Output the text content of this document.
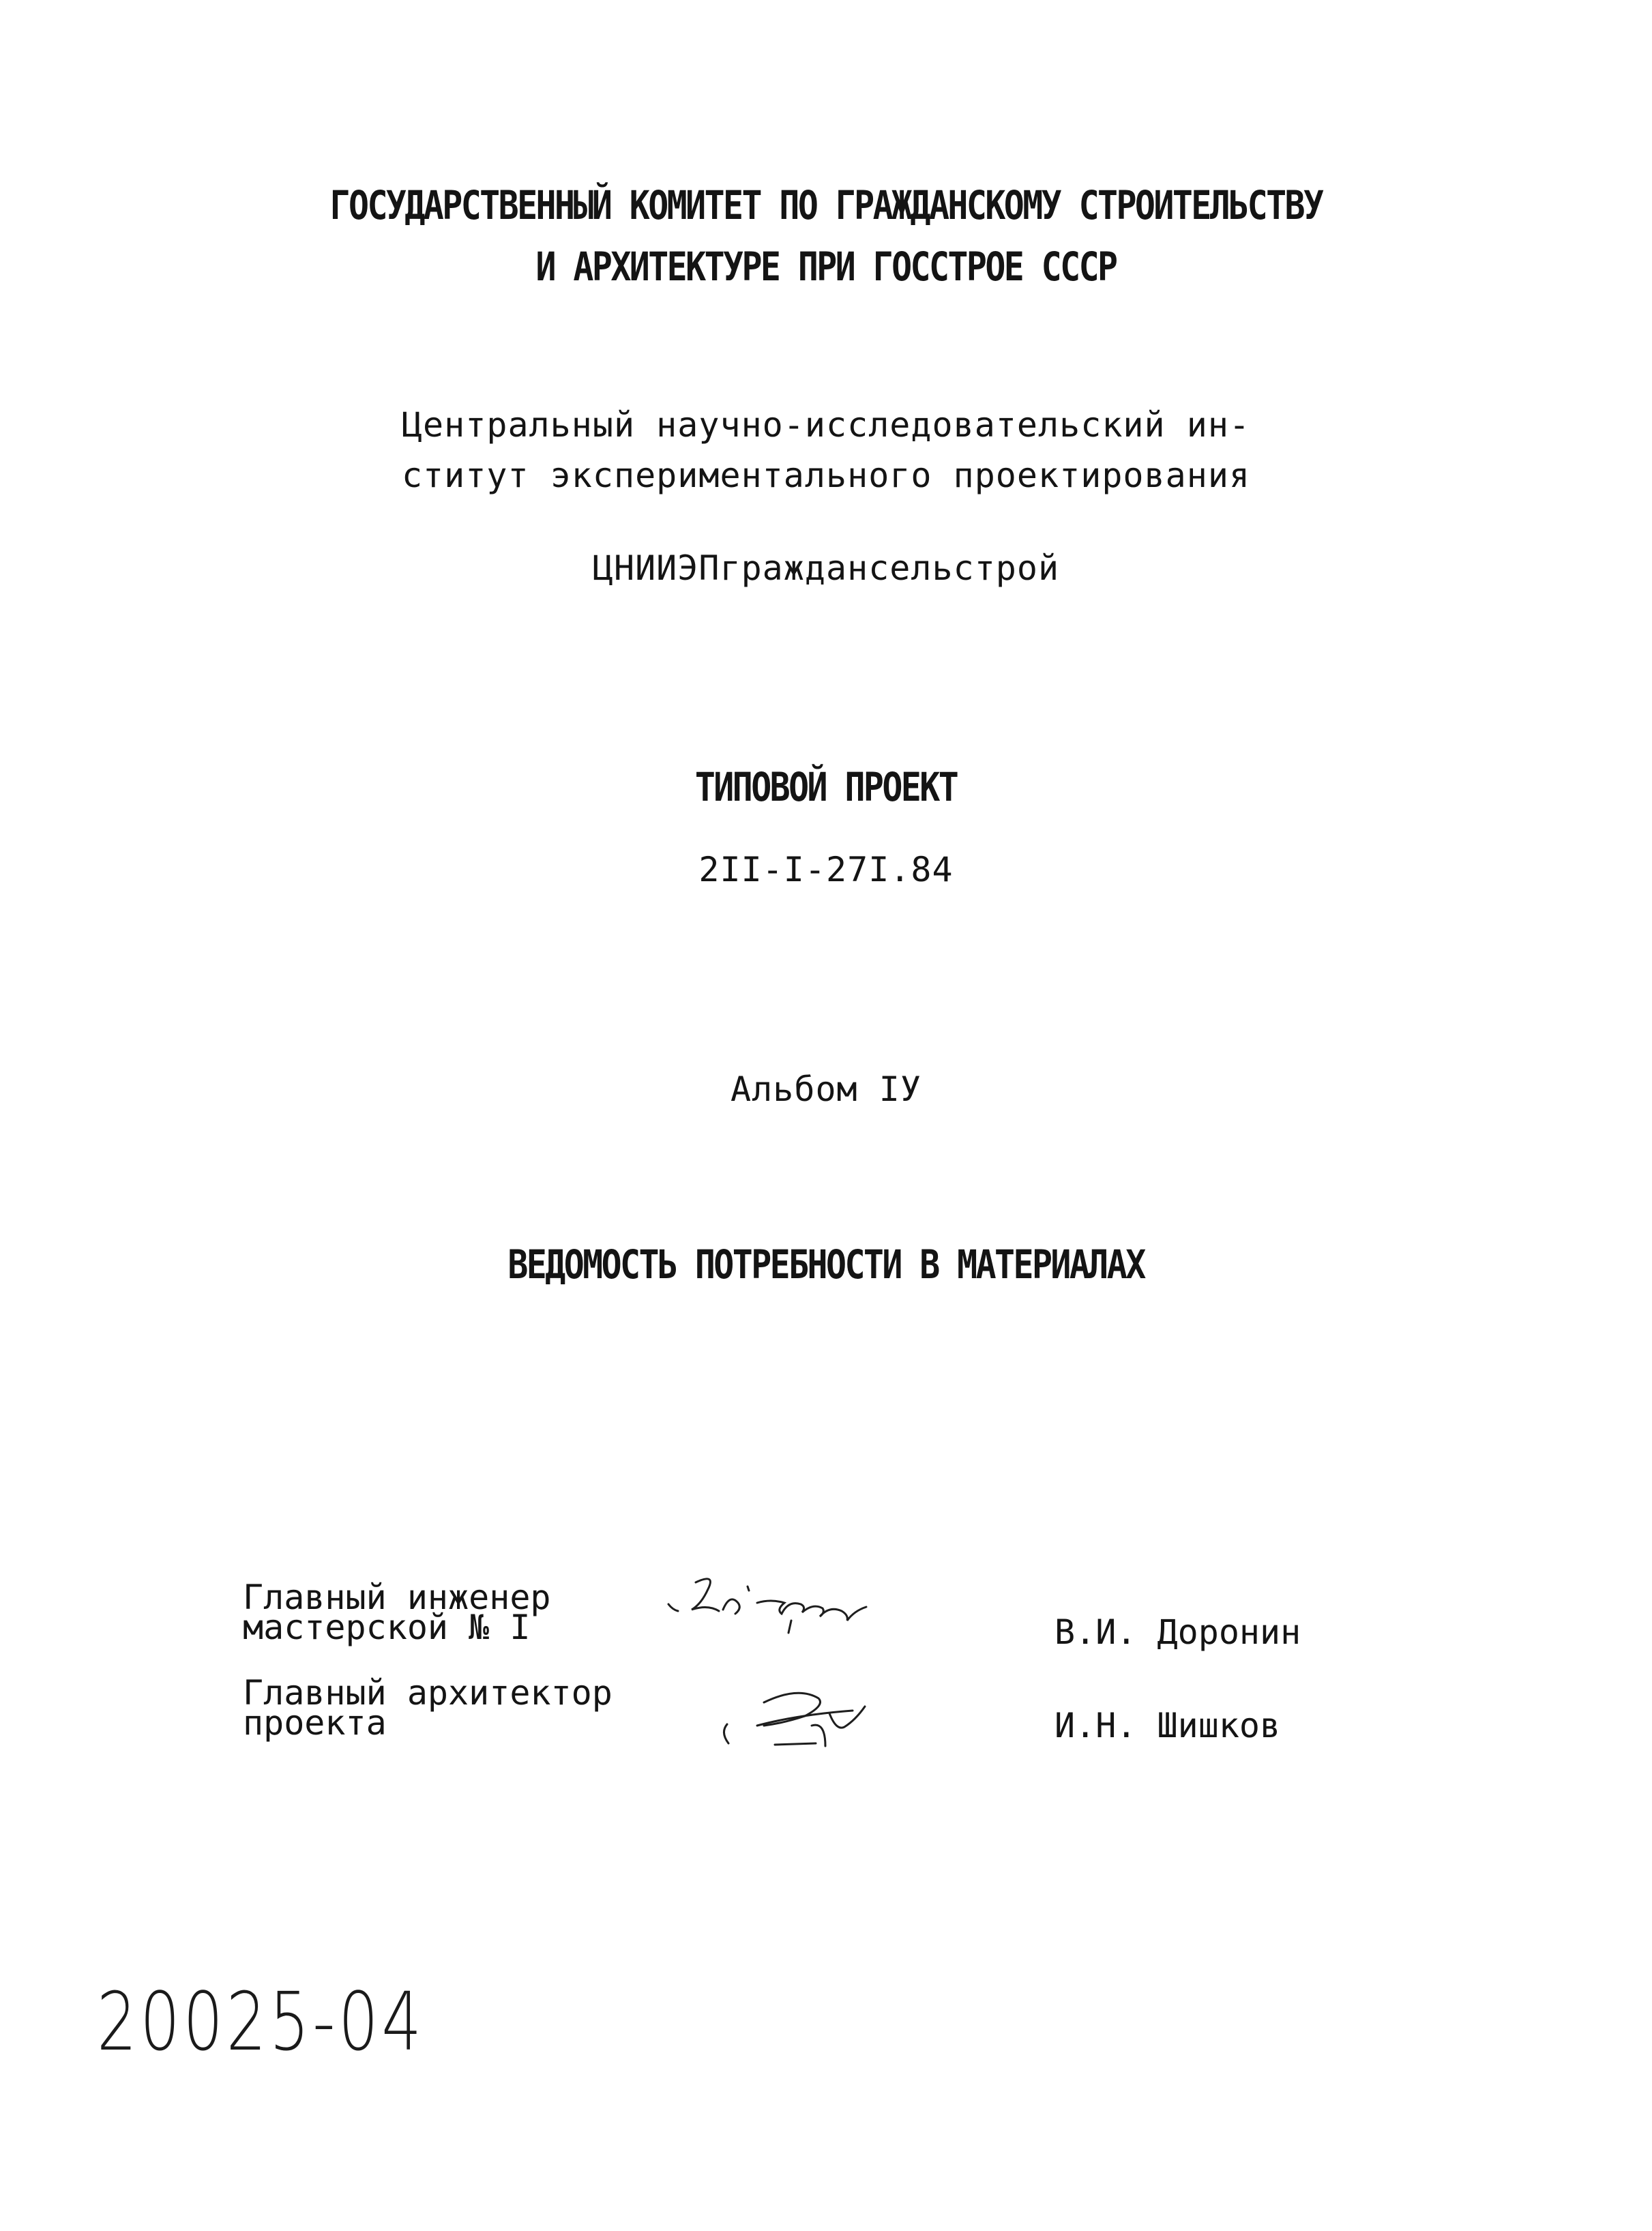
ГОСУДАРСТВЕННЫЙ КОМИТЕТ ПО ГРАЖДАНСКОМУ СТРОИТЕЛЬСТВУ
И АРХИТЕКТУРЕ ПРИ ГОССТРОЕ СССР
Центральный научно-исследовательский ин-
ститут экспериментального проектирования
ЦНИИЭПграждансельстрой
ТИПОВОЙ ПРОЕКТ
2II-I-27I.84
Альбом IУ
ВЕДОМОСТЬ ПОТРЕБНОСТИ В МАТЕРИАЛАХ
Главный инженер
мастерской № I	В.И. Доронин
Главный архитектор
проекта	И.Н. Шишков
20025-04
